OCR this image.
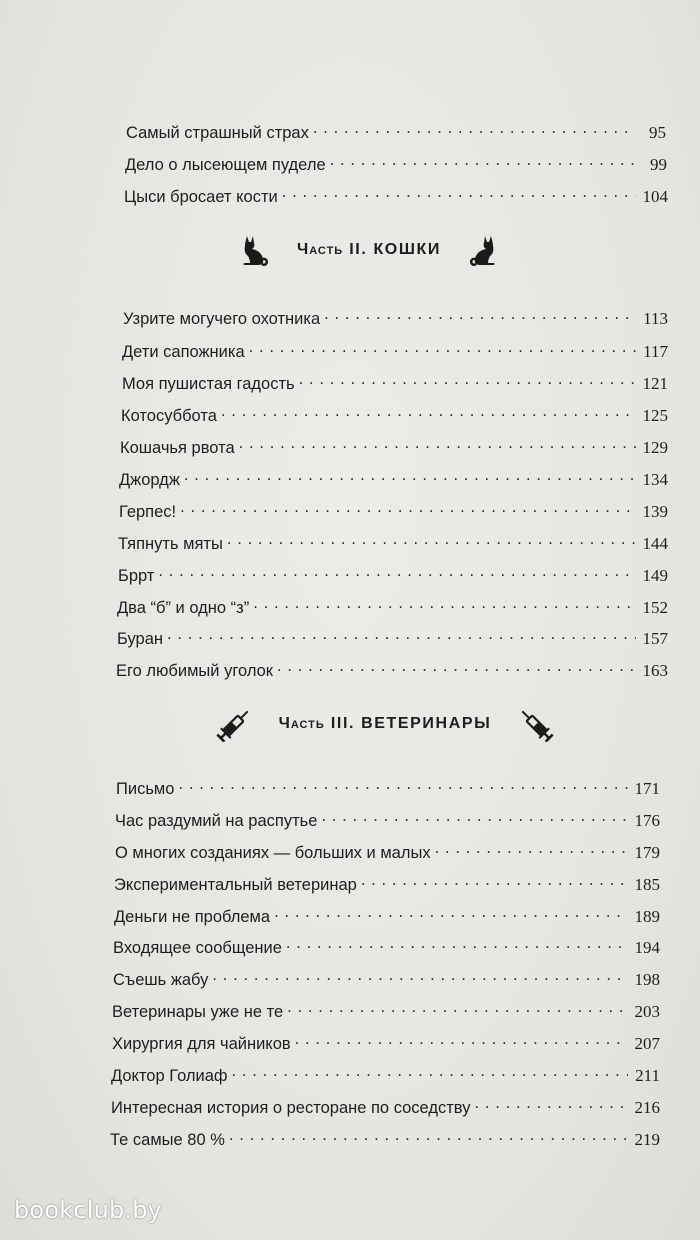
Самый страшный страх . . .	95
Дело о лысеющем пуделе . . .	99
Цыси бросает кости . . .	104
Часть II. КОШКИ
Узрите могучего охотника . . .	113
Дети сапожника . . .	117
Моя пушистая гадость . . .	121
Котосуббота . . .	125
Кошачья рвота . . .	129
Джордж . . .	134
Герпес! . . .	139
Тяпнуть мяты . . .	144
Бррт . . .	149
Два “б” и одно “з” . . .	152
Буран . . .	157
Его любимый уголок . . .	163
Часть III. ВЕТЕРИНАРЫ
Письмо . . .	171
Час раздумий на распутье . . .	176
О многих созданиях — больших и малых . . .	179
Экспериментальный ветеринар . . .	185
Деньги не проблема . . .	189
Входящее сообщение . . .	194
Съешь жабу . . .	198
Ветеринары уже не те . . .	203
Хирургия для чайников . . .	207
Доктор Голиаф . . .	211
Интересная история о ресторане по соседству . . .	216
Те самые 80 % . . .	219
bookclub.by
